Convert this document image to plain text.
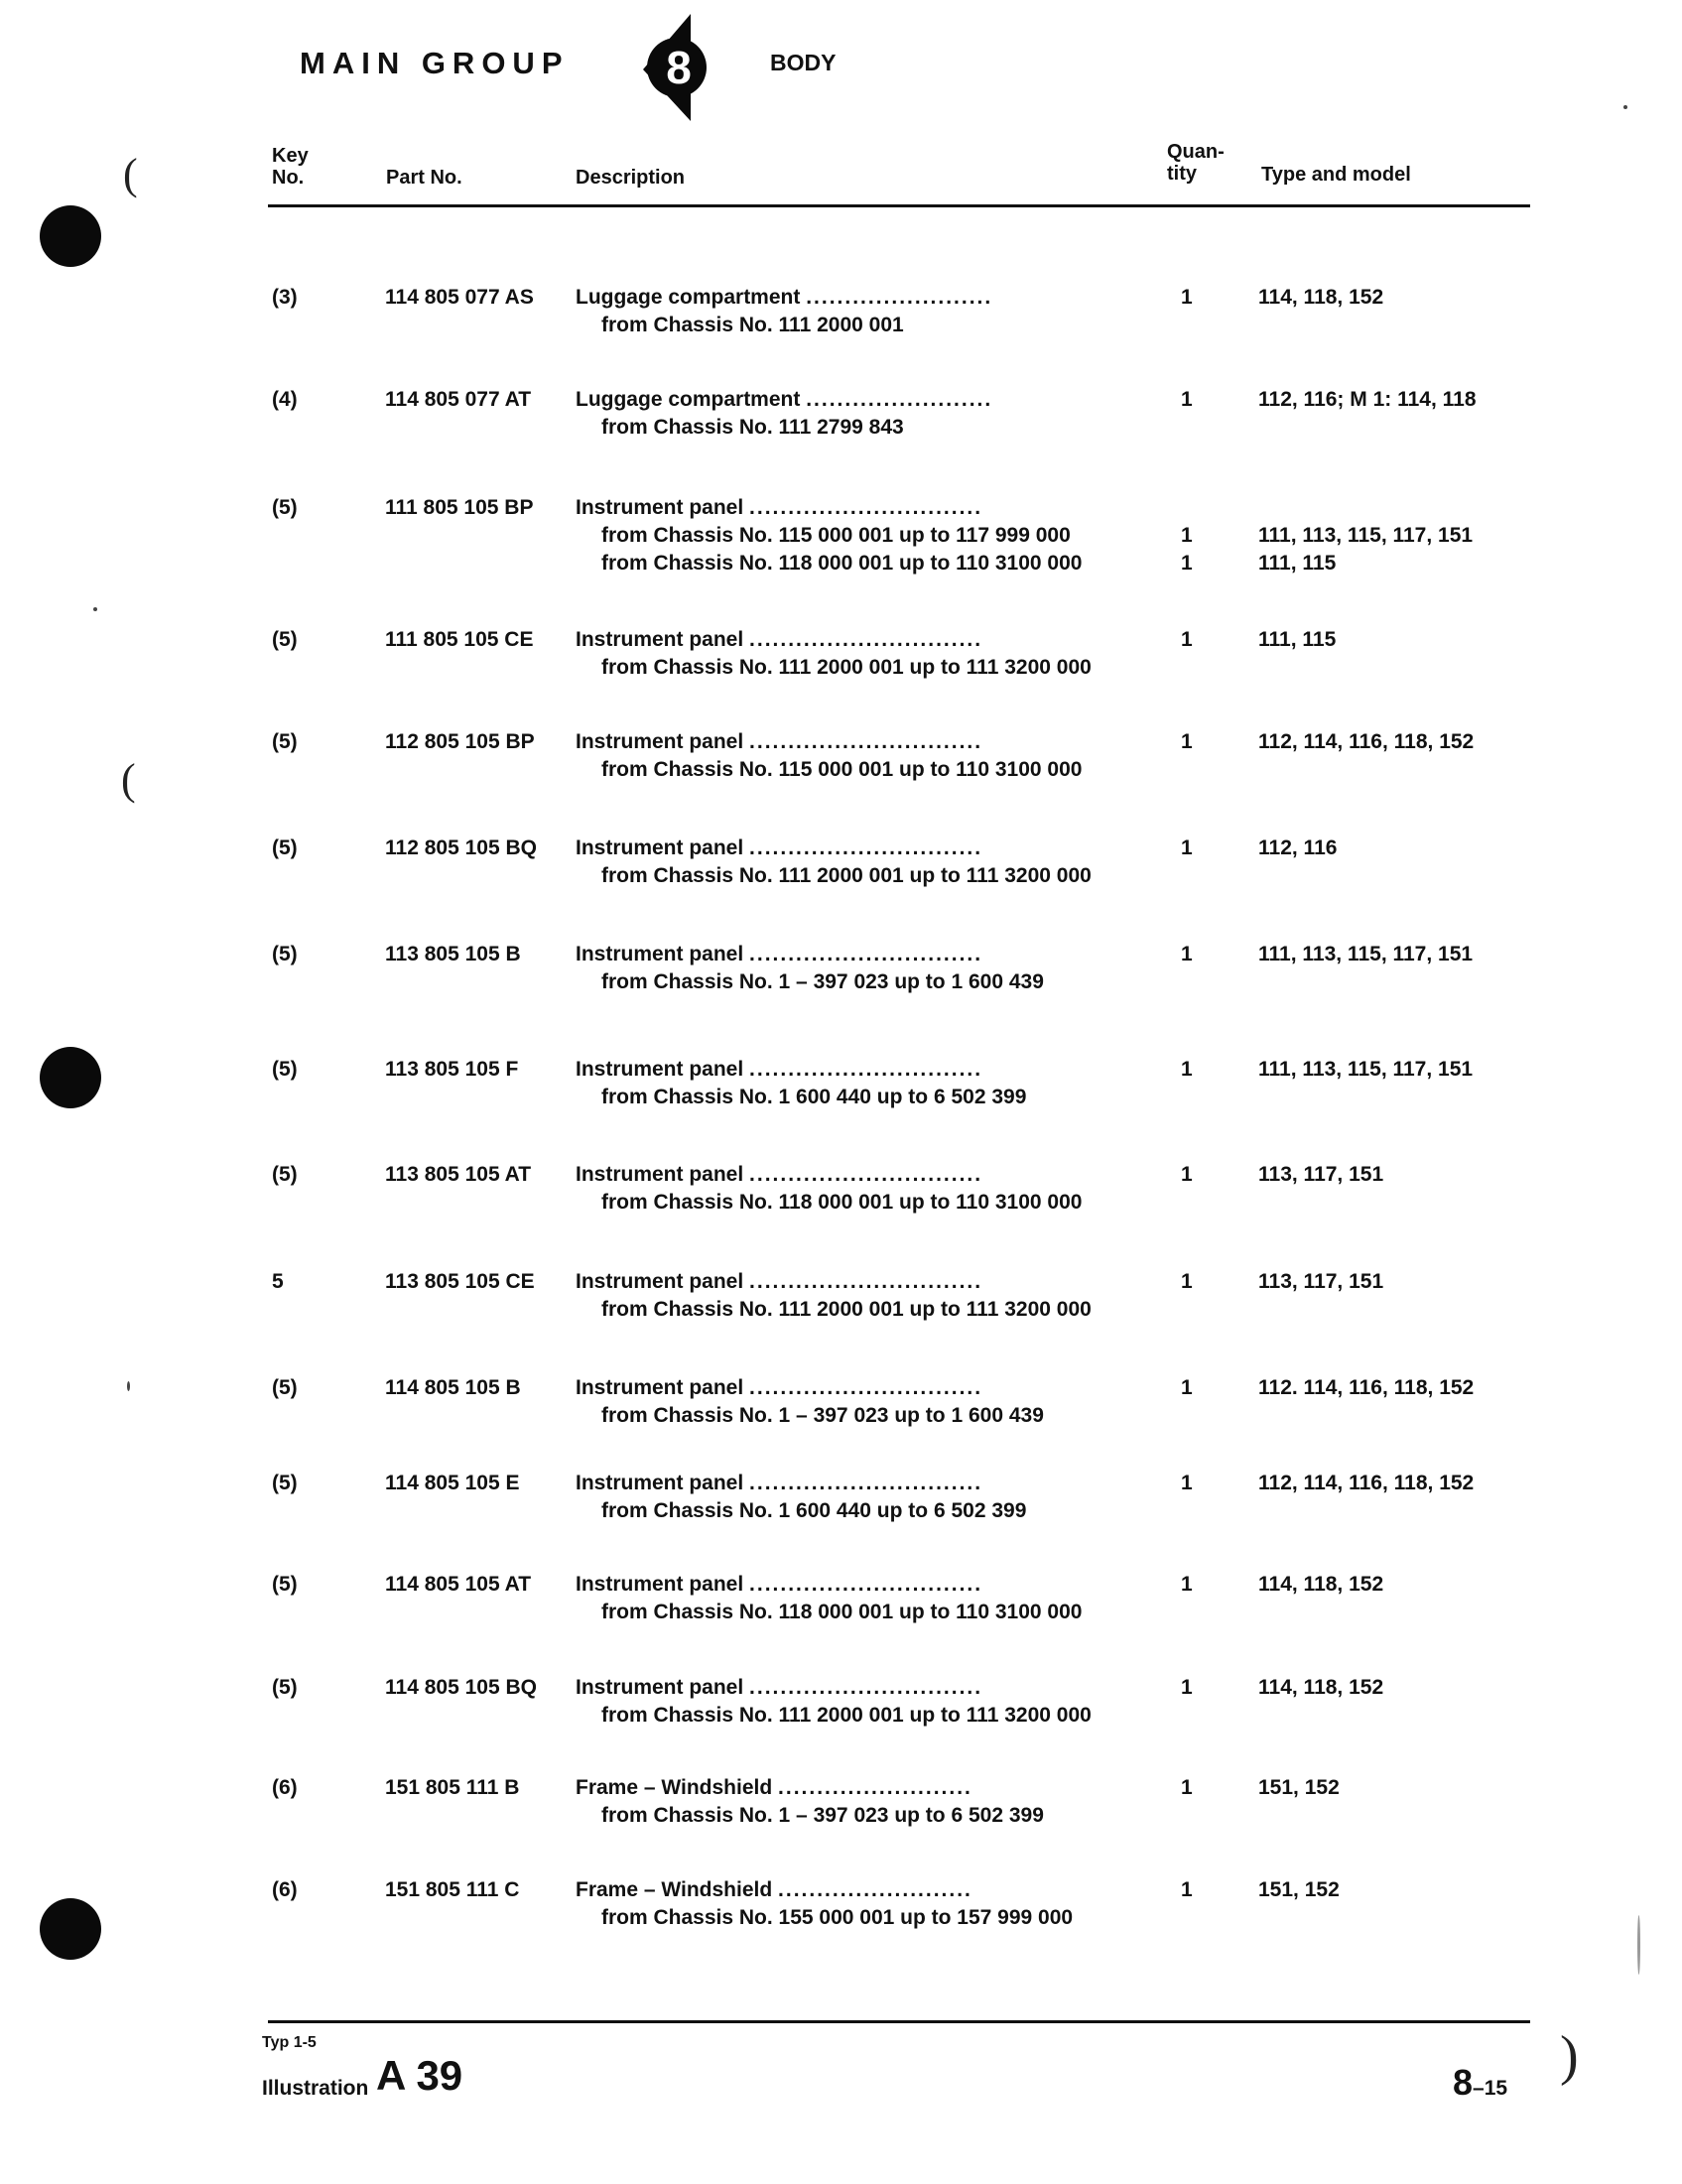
(
(
)
MAIN GROUP 8	BODY
Key
No.	Part No.	Description
Quan-
tity	Type and model
(3)	114 805 077 AS Luggage compartment ........................	1	114, 118, 152
from Chassis No. 111 2000 001
(4)	114 805 077 AT Luggage compartment ........................	1	112, 116; M 1: 114, 118
from Chassis No. 111 2799 843
(5)	111 805 105 BP Instrument panel ..............................
from Chassis No. 115 000 001 up to 117 999 000	1	111, 113, 115, 117, 151
from Chassis No. 118 000 001 up to 110 3100 000	1	111, 115
(5)	111 805 105 CE Instrument panel ..............................	1	111, 115
from Chassis No. 111 2000 001 up to 111 3200 000
(5)	112 805 105 BP Instrument panel ..............................	1	112, 114, 116, 118, 152
from Chassis No. 115 000 001 up to 110 3100 000
(5)	112 805 105 BQ Instrument panel ..............................	1	112, 116
from Chassis No. 111 2000 001 up to 111 3200 000
(5)	113 805 105 B	Instrument panel ..............................	1	111, 113, 115, 117, 151
from Chassis No. 1 – 397 023 up to 1 600 439
(5)	113 805 105 F	Instrument panel ..............................	1	111, 113, 115, 117, 151
from Chassis No. 1 600 440 up to 6 502 399
(5)	113 805 105 AT Instrument panel ..............................	1	113, 117, 151
from Chassis No. 118 000 001 up to 110 3100 000
5	113 805 105 CE Instrument panel ..............................	1	113, 117, 151
from Chassis No. 111 2000 001 up to 111 3200 000
(5)	114 805 105 B	Instrument panel ..............................	1	112. 114, 116, 118, 152
from Chassis No. 1 – 397 023 up to 1 600 439
(5)	114 805 105 E	Instrument panel ..............................	1	112, 114, 116, 118, 152
from Chassis No. 1 600 440 up to 6 502 399
(5)	114 805 105 AT Instrument panel ..............................	1	114, 118, 152
from Chassis No. 118 000 001 up to 110 3100 000
(5)	114 805 105 BQ Instrument panel ..............................	1	114, 118, 152
from Chassis No. 111 2000 001 up to 111 3200 000
(6)	151 805 111 B	Frame – Windshield .........................	1	151, 152
from Chassis No. 1 – 397 023 up to 6 502 399
(6)	151 805 111 C	Frame – Windshield .........................	1	151, 152
from Chassis No. 155 000 001 up to 157 999 000
Typ 1-5
Illustration A 39	8–15
